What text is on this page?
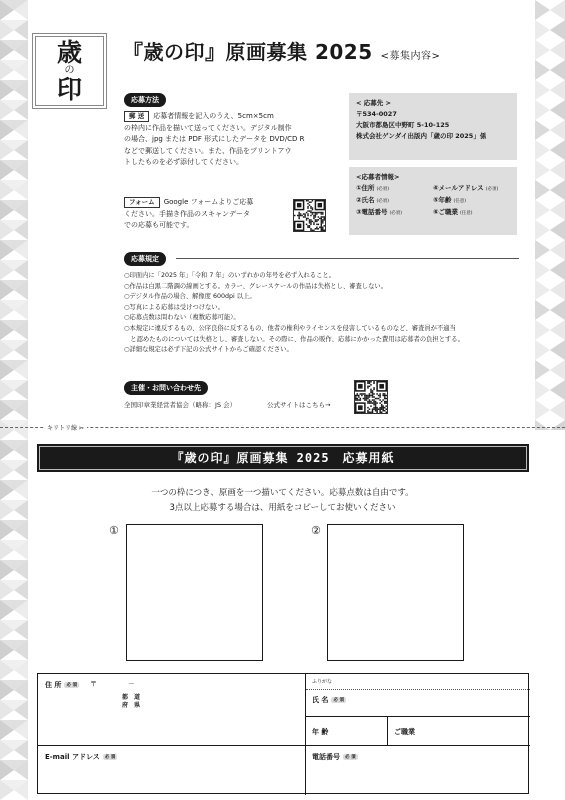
歳
の
印
『歳の印』原画募集 2025 <募集内容>
応募方法
郵 送 応募者情報を記入のうえ、5cm×5cm
の枠内に作品を描いて送ってください。デジタル制作
の場合、jpg または PDF 形式にしたデータを DVD/CD R
などで郵送してください。また、作品をプリントアウ
トしたものを必ず添付してください。
フォーム Google フォームよりご応募
ください。手描き作品のスキャンデータ
での応募も可能です。
< 応募先 >
〒534-0027
大阪市都島区中野町 5-10-125
株式会社ゲンダイ出版内「歳の印 2025」係
<応募者情報>
①住所 (必須)	④メールアドレス (必須)
②氏名 (必須)	⑤年齢 (任意)
③電話番号 (必須)	⑥ご職業 (任意)
応募規定
○印面内に「2025 年」「令和 7 年」のいずれかの年号を必ず入れること。
○作品は白黒二階調の線画とする。カラー、グレースケールの作品は失格とし、審査しない。
○デジタル作品の場合、解像度 600dpi 以上。
○写真による応募は受けつけない。
○応募点数は問わない（複数応募可能）。
○本規定に違反するもの、公序良俗に反するもの、他者の権利やライセンスを侵害しているものなど、審査員が不適当
　と認めたものについては失格とし、審査しない。その際に、作品の販作、応募にかかった費用は応募者の負担とする。
○詳細な規定は必ず下記の公式サイトからご確認ください。
主催・お問い合わせ先
全国印章業経営者協会（略称：JS 会）	公式サイトはこちら→
キリトリ線 ✂
『歳の印』原画募集 2025　応募用紙
一つの枠につき、原画を一つ描いてください。応募点数は自由です。
3点以上応募する場合は、用紙をコピーしてお使いください
①	②
住 所 必 須 〒	－
都　道
府　県
ふりがな
氏 名 必 須
年 齢	ご職業
E-mail アドレス 必 須	電話番号 必 須
